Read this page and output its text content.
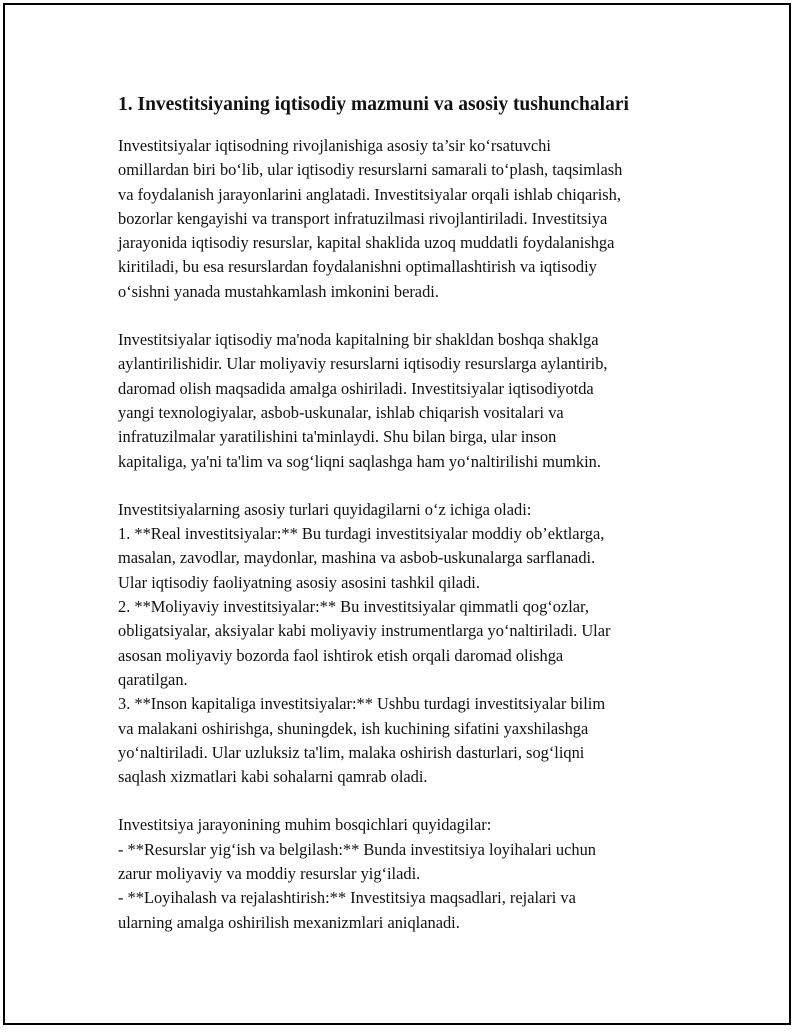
1. Investitsiyaning iqtisodiy mazmuni va asosiy tushunchalari
Investitsiyalar iqtisodning rivojlanishiga asosiy ta’sir ko‘rsatuvchi
omillardan biri bo‘lib, ular iqtisodiy resurslarni samarali to‘plash, taqsimlash
va foydalanish jarayonlarini anglatadi. Investitsiyalar orqali ishlab chiqarish,
bozorlar kengayishi va transport infratuzilmasi rivojlantiriladi. Investitsiya
jarayonida iqtisodiy resurslar, kapital shaklida uzoq muddatli foydalanishga
kiritiladi, bu esa resurslardan foydalanishni optimallashtirish va iqtisodiy
o‘sishni yanada mustahkamlash imkonini beradi.
Investitsiyalar iqtisodiy ma'noda kapitalning bir shakldan boshqa shaklga
aylantirilishidir. Ular moliyaviy resurslarni iqtisodiy resurslarga aylantirib,
daromad olish maqsadida amalga oshiriladi. Investitsiyalar iqtisodiyotda
yangi texnologiyalar, asbob-uskunalar, ishlab chiqarish vositalari va
infratuzilmalar yaratilishini ta'minlaydi. Shu bilan birga, ular inson
kapitaliga, ya'ni ta'lim va sog‘liqni saqlashga ham yo‘naltirilishi mumkin.
Investitsiyalarning asosiy turlari quyidagilarni o‘z ichiga oladi:
1. **Real investitsiyalar:** Bu turdagi investitsiyalar moddiy ob’ektlarga,
masalan, zavodlar, maydonlar, mashina va asbob-uskunalarga sarflanadi.
Ular iqtisodiy faoliyatning asosiy asosini tashkil qiladi.
2. **Moliyaviy investitsiyalar:** Bu investitsiyalar qimmatli qog‘ozlar,
obligatsiyalar, aksiyalar kabi moliyaviy instrumentlarga yo‘naltiriladi. Ular
asosan moliyaviy bozorda faol ishtirok etish orqali daromad olishga
qaratilgan.
3. **Inson kapitaliga investitsiyalar:** Ushbu turdagi investitsiyalar bilim
va malakani oshirishga, shuningdek, ish kuchining sifatini yaxshilashga
yo‘naltiriladi. Ular uzluksiz ta'lim, malaka oshirish dasturlari, sog‘liqni
saqlash xizmatlari kabi sohalarni qamrab oladi.
Investitsiya jarayonining muhim bosqichlari quyidagilar:
- **Resurslar yig‘ish va belgilash:** Bunda investitsiya loyihalari uchun
zarur moliyaviy va moddiy resurslar yig‘iladi.
- **Loyihalash va rejalashtirish:** Investitsiya maqsadlari, rejalari va
ularning amalga oshirilish mexanizmlari aniqlanadi.
